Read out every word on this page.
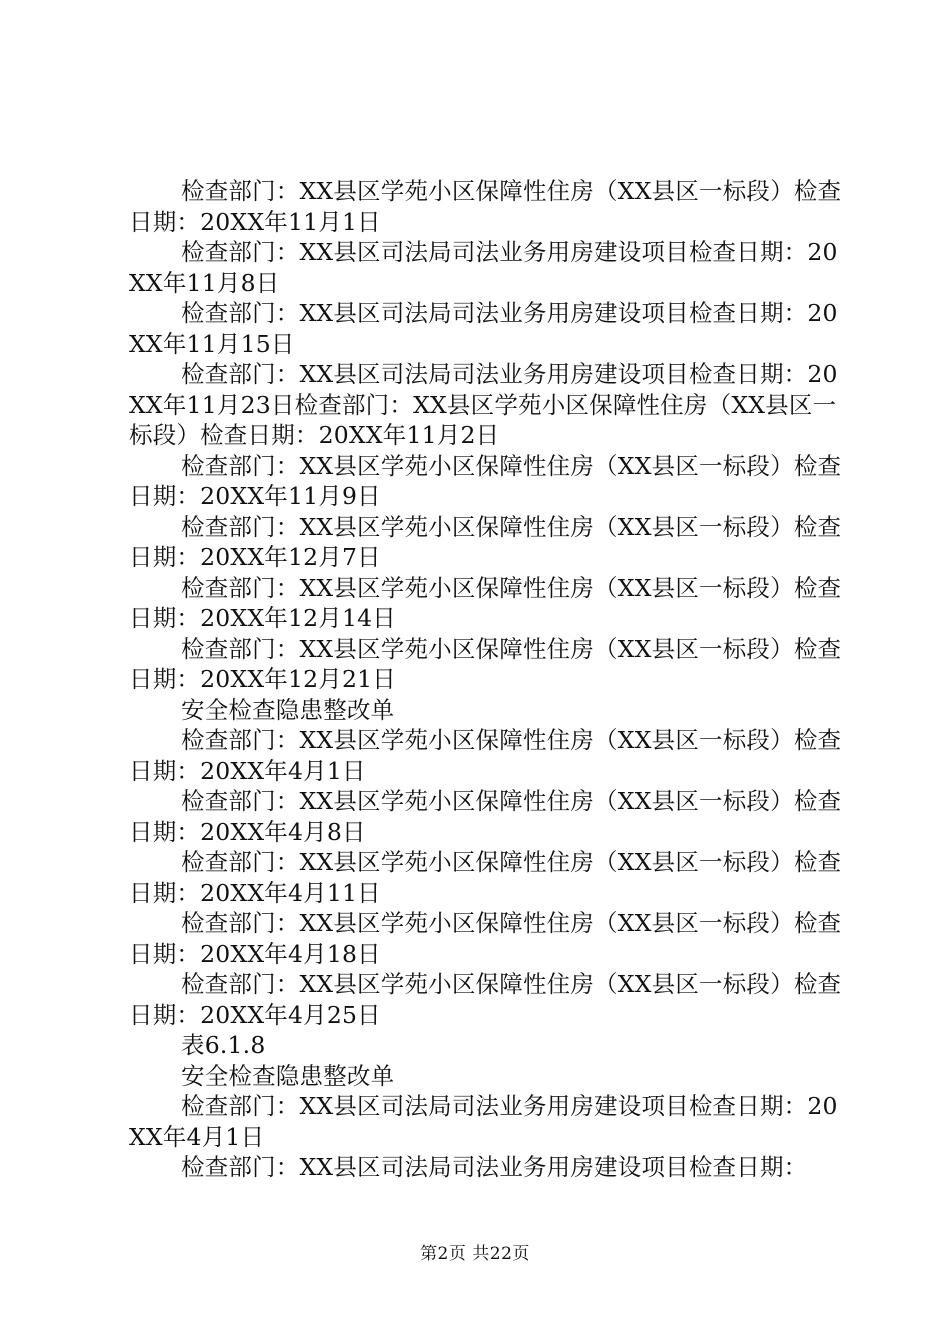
检查部门：XX县区学苑小区保障性住房（XX县区一标段）检查日期：20XX年11月1日

检查部门：XX县区司法局司法业务用房建设项目检查日期：20XX年11月8日

检查部门：XX县区司法局司法业务用房建设项目检查日期：20XX年11月15日

检查部门：XX县区司法局司法业务用房建设项目检查日期：20XX年11月23日检查部门：XX县区学苑小区保障性住房（XX县区一标段）检查日期：20XX年11月2日

检查部门：XX县区学苑小区保障性住房（XX县区一标段）检查日期：20XX年11月9日

检查部门：XX县区学苑小区保障性住房（XX县区一标段）检查日期：20XX年12月7日

检查部门：XX县区学苑小区保障性住房（XX县区一标段）检查日期：20XX年12月14日

检查部门：XX县区学苑小区保障性住房（XX县区一标段）检查日期：20XX年12月21日

安全检查隐患整改单

检查部门：XX县区学苑小区保障性住房（XX县区一标段）检查日期：20XX年4月1日

检查部门：XX县区学苑小区保障性住房（XX县区一标段）检查日期：20XX年4月8日

检查部门：XX县区学苑小区保障性住房（XX县区一标段）检查日期：20XX年4月11日

检查部门：XX县区学苑小区保障性住房（XX县区一标段）检查日期：20XX年4月18日

检查部门：XX县区学苑小区保障性住房（XX县区一标段）检查日期：20XX年4月25日

表6.1.8

安全检查隐患整改单

检查部门：XX县区司法局司法业务用房建设项目检查日期：20XX年4月1日

检查部门：XX县区司法局司法业务用房建设项目检查日期：

第2页 共22页
